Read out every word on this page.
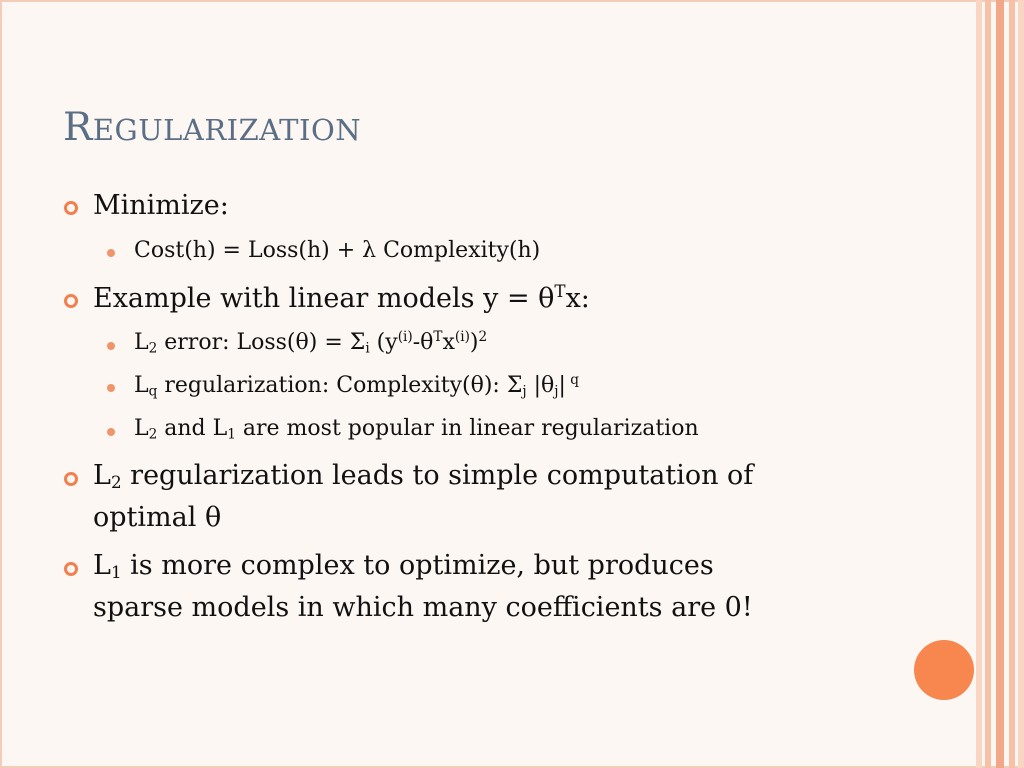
REGULARIZATION
Minimize:
Cost(h) = Loss(h) + λ Complexity(h)
Example with linear models $y = \theta^Tx$:
$L_2$ error: Loss(θ) = $\Sigma_i$ $(y^{(i)}-\theta^Tx^{(i)})^2$
$L_q$ regularization: Complexity(θ): $\Sigma_j$ $|\theta_j|$ $^q$
$L_2$ and $L_1$ are most popular in linear regularization
$L_2$ regularization leads to simple computation of
optimal θ
$L_1$ is more complex to optimize, but produces
sparse models in which many coefficients are 0!
